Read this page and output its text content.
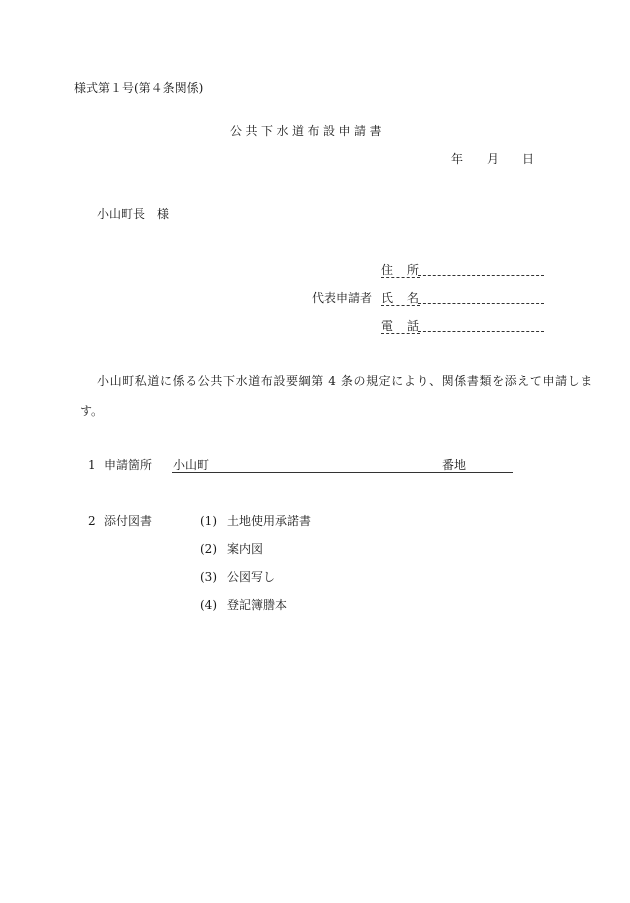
様式第１号(第４条関係)
公共下水道布設申請書
年 月 日
小山町長　様
住　所
代表申請者 氏　名
電　話
小山町私道に係る公共下水道布設要綱第 4 条の規定により、関係書類を添えて申請しま
す。
1 申請箇所 小山町	番地
2 添付図書	(1) 土地使用承諾書
(2) 案内図
(3) 公図写し
(4) 登記簿謄本
